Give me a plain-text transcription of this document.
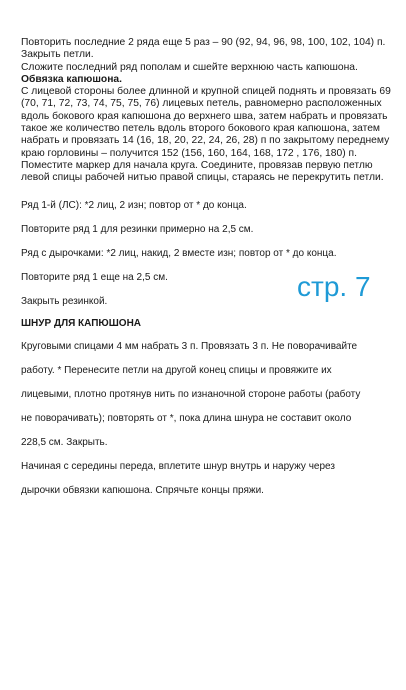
Повторить последние 2 ряда еще 5 раз – 90 (92, 94, 96, 98, 100, 102, 104) п. Закрыть петли.

Сложите последний ряд пополам и сшейте верхнюю часть капюшона.

Обвязка капюшона.

С лицевой стороны более длинной и крупной спицей поднять и провязать 69 (70, 71, 72, 73, 74, 75, 75, 76) лицевых петель, равномерно расположенных вдоль бокового края капюшона до верхнего шва, затем набрать и провязать такое же количество петель вдоль второго бокового края капюшона, затем набрать и провязать 14 (16, 18, 20, 22, 24, 26, 28) п по закрытому переднему краю горловины – получится 152 (156, 160, 164, 168, 172 , 176, 180) п.

Поместите маркер для начала круга. Соедините, провязав первую петлю левой спицы рабочей нитью правой спицы, стараясь не перекрутить петли.

Ряд 1-й (ЛС): *2 лиц, 2 изн; повтор от * до конца.
Повторите ряд 1 для резинки примерно на 2,5 см.
Ряд с дырочками: *2 лиц, накид, 2 вместе изн; повтор от * до конца.
Повторите ряд 1 еще на 2,5 см.
Закрыть резинкой.	стр. 7
ШНУР ДЛЯ КАПЮШОНА
Круговыми спицами 4 мм набрать 3 п. Провязать 3 п. Не поворачивайте
работу. * Перенесите петли на другой конец спицы и провяжите их
лицевыми, плотно протянув нить по изнаночной стороне работы (работу
не поворачивать); повторять от *, пока длина шнура не составит около
228,5 см. Закрыть.
Начиная с середины переда, вплетите шнур внутрь и наружу через
дырочки обвязки капюшона. Спрячьте концы пряжи.
